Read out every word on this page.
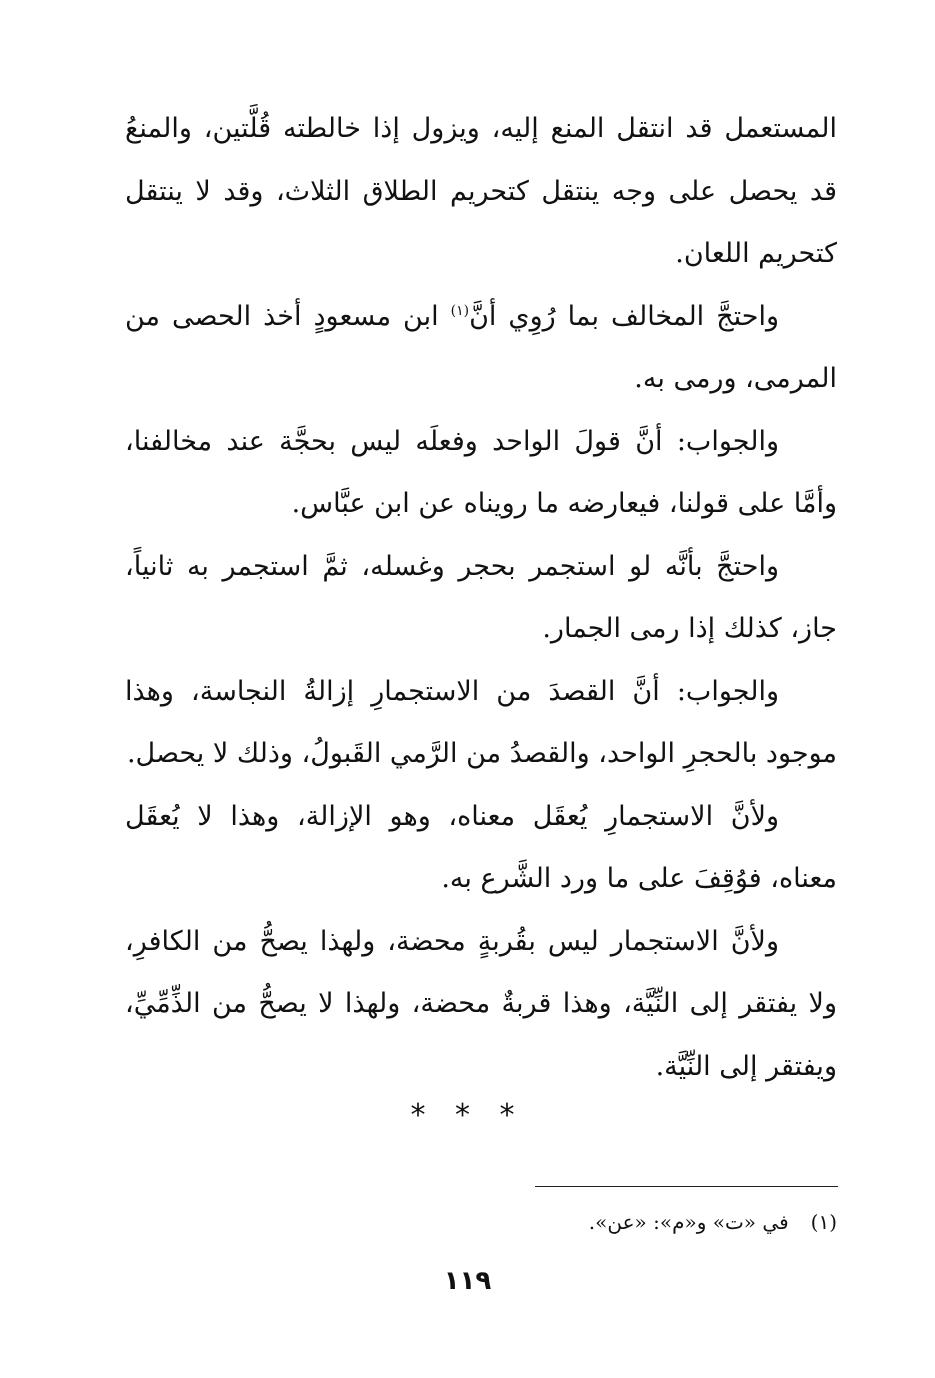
المستعمل قد انتقل المنع إليه، ويزول إذا خالطته قُلَّتين، والمنعُ قد يحصل على وجه ينتقل كتحريم الطلاق الثلاث، وقد لا ينتقل كتحريم اللعان.

واحتجَّ المخالف بما رُوِي أنَّ$^{(١)}$ ابن مسعودٍ أخذ الحصى من المرمى، ورمى به.

والجواب: أنَّ قولَ الواحد وفعلَه ليس بحجَّة عند مخالفنا، وأمَّا على قولنا، فيعارضه ما رويناه عن ابن عبَّاس.

واحتجَّ بأنَّه لو استجمر بحجر وغسله، ثمَّ استجمر به ثانياً، جاز، كذلك إذا رمى الجمار.

والجواب: أنَّ القصدَ من الاستجمارِ إزالةُ النجاسة، وهذا موجود بالحجرِ الواحد، والقصدُ من الرَّمي القَبولُ، وذلك لا يحصل.

ولأنَّ الاستجمارِ يُعقَل معناه، وهو الإزالة، وهذا لا يُعقَل معناه، فوُقِفَ على ما ورد الشَّرع به.

ولأنَّ الاستجمار ليس بقُربةٍ محضة، ولهذا يصحُّ من الكافرِ، ولا يفتقر إلى النِّيَّة، وهذا قربةٌ محضة، ولهذا لا يصحُّ من الذِّمِّيِّ، ويفتقر إلى النِّيَّة.

* * *
(١)في «ت» و«م»: «عن».
١١٩
